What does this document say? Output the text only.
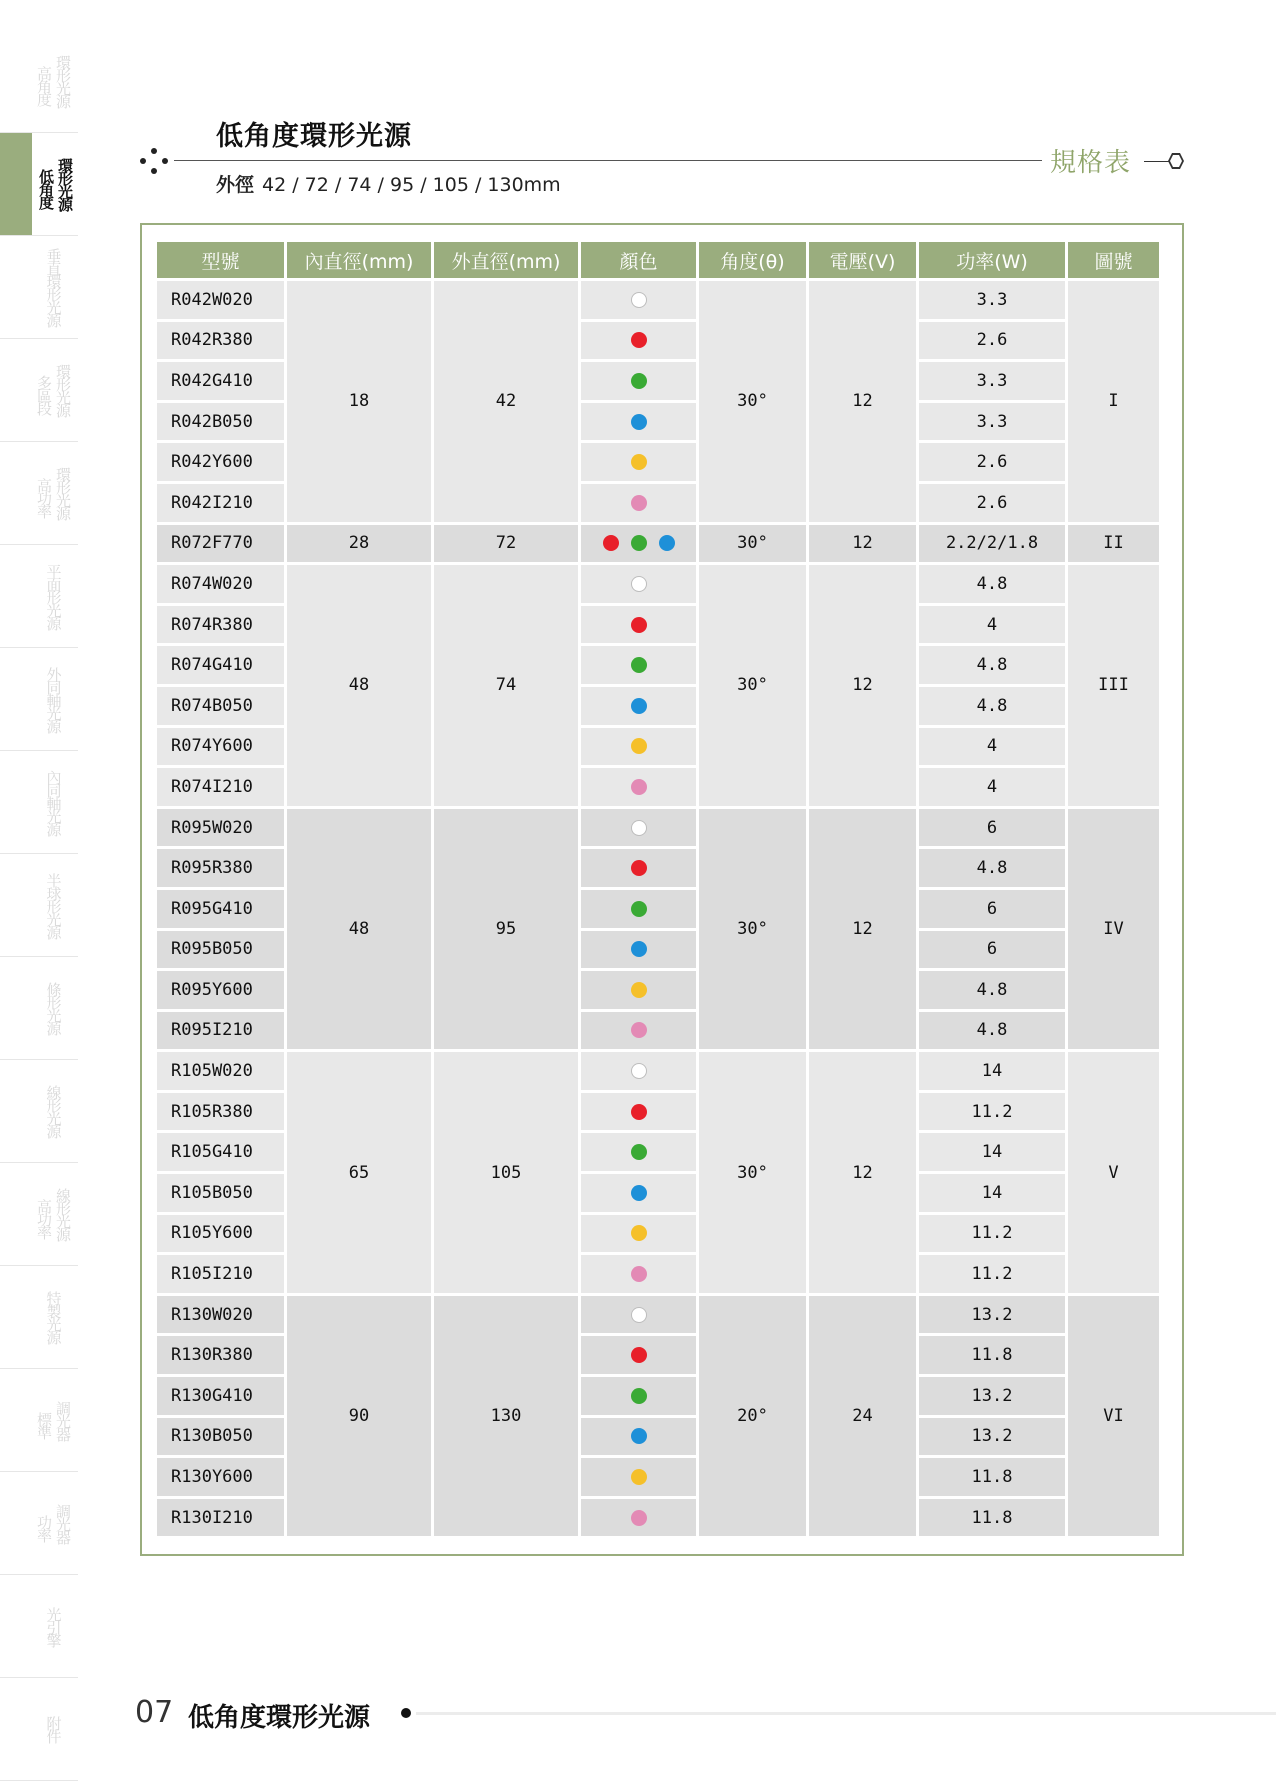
環形光源
高角度
環形光源
低角度
垂直環形光源
環形光源
多區段
環形光源
高功率
平面形光源
外同軸光源
內同軸光源
半球形光源
條形光源
線形光源
線形光源
高功率
特製光源
調光器
標準
調光器
功率
光引擎
附件
低角度環形光源
外徑 42 / 72 / 74 / 95 / 105 / 130mm
規格表
型號	內直徑(mm)	外直徑(mm)	顏色	角度(θ)	電壓(V)	功率(W)	圖號
R042W020	18	42		30°	12	3.3	I
R042R380						2.6	
R042G410						3.3	
R042B050						3.3	
R042Y600						2.6	
R042I210						2.6	
R072F770	28	72		30°	12	2.2/2/1.8	II
R074W020	48	74		30°	12	4.8	III
R074R380						4	
R074G410						4.8	
R074B050						4.8	
R074Y600						4	
R074I210						4	
R095W020	48	95		30°	12	6	IV
R095R380						4.8	
R095G410						6	
R095B050						6	
R095Y600						4.8	
R095I210						4.8	
R105W020	65	105		30°	12	14	V
R105R380						11.2	
R105G410						14	
R105B050						14	
R105Y600						11.2	
R105I210						11.2	
R130W020	90	130		20°	24	13.2	VI
R130R380						11.8	
R130G410						13.2	
R130B050						13.2	
R130Y600						11.8	
R130I210						11.8	
07 低角度環形光源
